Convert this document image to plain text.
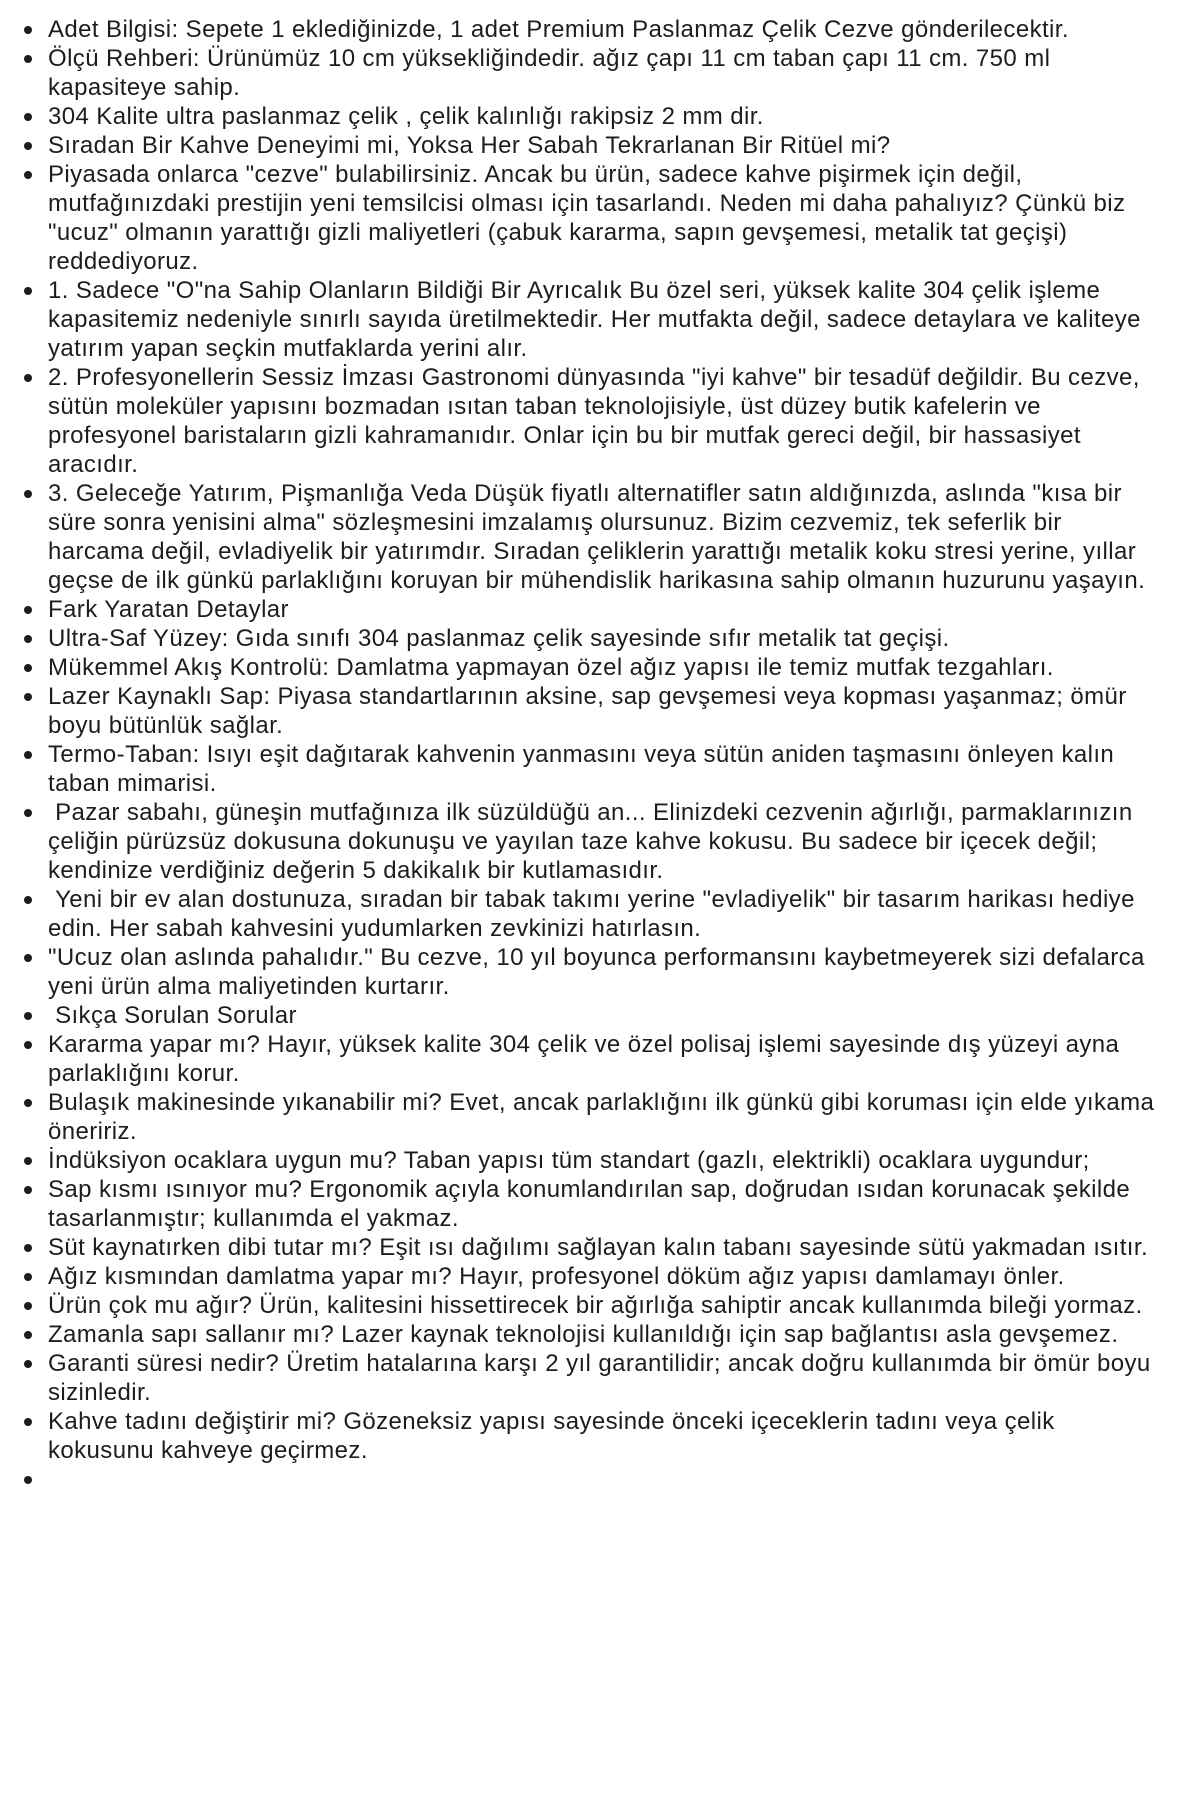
Adet Bilgisi: Sepete 1 eklediğinizde, 1 adet Premium Paslanmaz Çelik Cezve gönderilecektir.
Ölçü Rehberi: Ürünümüz 10 cm yüksekliğindedir. ağız çapı 11 cm taban çapı 11 cm. 750 ml kapasiteye sahip.
304 Kalite ultra paslanmaz çelik , çelik kalınlığı rakipsiz 2 mm dir.
Sıradan Bir Kahve Deneyimi mi, Yoksa Her Sabah Tekrarlanan Bir Ritüel mi?
Piyasada onlarca "cezve" bulabilirsiniz. Ancak bu ürün, sadece kahve pişirmek için değil, mutfağınızdaki prestijin yeni temsilcisi olması için tasarlandı. Neden mi daha pahalıyız? Çünkü biz "ucuz" olmanın yarattığı gizli maliyetleri (çabuk kararma, sapın gevşemesi, metalik tat geçişi) reddediyoruz.
1. Sadece "O"na Sahip Olanların Bildiği Bir Ayrıcalık Bu özel seri, yüksek kalite 304 çelik işleme kapasitemiz nedeniyle sınırlı sayıda üretilmektedir. Her mutfakta değil, sadece detaylara ve kaliteye yatırım yapan seçkin mutfaklarda yerini alır.
2. Profesyonellerin Sessiz İmzası Gastronomi dünyasında "iyi kahve" bir tesadüf değildir. Bu cezve, sütün moleküler yapısını bozmadan ısıtan taban teknolojisiyle, üst düzey butik kafelerin ve profesyonel baristaların gizli kahramanıdır. Onlar için bu bir mutfak gereci değil, bir hassasiyet aracıdır.
3. Geleceğe Yatırım, Pişmanlığa Veda Düşük fiyatlı alternatifler satın aldığınızda, aslında "kısa bir süre sonra yenisini alma" sözleşmesini imzalamış olursunuz. Bizim cezvemiz, tek seferlik bir harcama değil, evladiyelik bir yatırımdır. Sıradan çeliklerin yarattığı metalik koku stresi yerine, yıllar geçse de ilk günkü parlaklığını koruyan bir mühendislik harikasına sahip olmanın huzurunu yaşayın.
Fark Yaratan Detaylar
Ultra-Saf Yüzey: Gıda sınıfı 304 paslanmaz çelik sayesinde sıfır metalik tat geçişi.
Mükemmel Akış Kontrolü: Damlatma yapmayan özel ağız yapısı ile temiz mutfak tezgahları.
Lazer Kaynaklı Sap: Piyasa standartlarının aksine, sap gevşemesi veya kopması yaşanmaz; ömür boyu bütünlük sağlar.
Termo-Taban: Isıyı eşit dağıtarak kahvenin yanmasını veya sütün aniden taşmasını önleyen kalın taban mimarisi.
Pazar sabahı, güneşin mutfağınıza ilk süzüldüğü an... Elinizdeki cezvenin ağırlığı, parmaklarınızın çeliğin pürüzsüz dokusuna dokunuşu ve yayılan taze kahve kokusu. Bu sadece bir içecek değil; kendinize verdiğiniz değerin 5 dakikalık bir kutlamasıdır.
Yeni bir ev alan dostunuza, sıradan bir tabak takımı yerine "evladiyelik" bir tasarım harikası hediye edin. Her sabah kahvesini yudumlarken zevkinizi hatırlasın.
"Ucuz olan aslında pahalıdır." Bu cezve, 10 yıl boyunca performansını kaybetmeyerek sizi defalarca yeni ürün alma maliyetinden kurtarır.
Sıkça Sorulan Sorular
Kararma yapar mı? Hayır, yüksek kalite 304 çelik ve özel polisaj işlemi sayesinde dış yüzeyi ayna parlaklığını korur.
Bulaşık makinesinde yıkanabilir mi? Evet, ancak parlaklığını ilk günkü gibi koruması için elde yıkama öneririz.
İndüksiyon ocaklara uygun mu? Taban yapısı tüm standart (gazlı, elektrikli) ocaklara uygundur;
Sap kısmı ısınıyor mu? Ergonomik açıyla konumlandırılan sap, doğrudan ısıdan korunacak şekilde tasarlanmıştır; kullanımda el yakmaz.
Süt kaynatırken dibi tutar mı? Eşit ısı dağılımı sağlayan kalın tabanı sayesinde sütü yakmadan ısıtır.
Ağız kısmından damlatma yapar mı? Hayır, profesyonel döküm ağız yapısı damlamayı önler.
Ürün çok mu ağır? Ürün, kalitesini hissettirecek bir ağırlığa sahiptir ancak kullanımda bileği yormaz.
Zamanla sapı sallanır mı? Lazer kaynak teknolojisi kullanıldığı için sap bağlantısı asla gevşemez.
Garanti süresi nedir? Üretim hatalarına karşı 2 yıl garantilidir; ancak doğru kullanımda bir ömür boyu sizinledir.
Kahve tadını değiştirir mi? Gözeneksiz yapısı sayesinde önceki içeceklerin tadını veya çelik kokusunu kahveye geçirmez.
